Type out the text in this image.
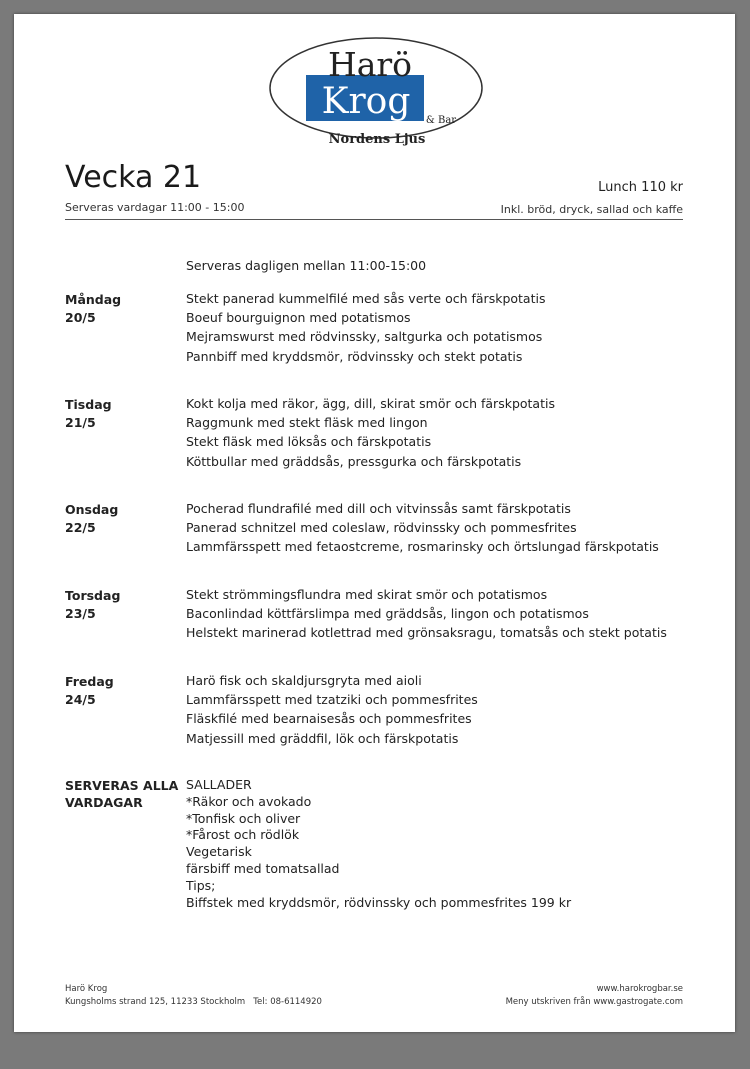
Harö
Krog & Bar
Nordens Ljus
Vecka 21
Serveras vardagar 11:00 - 15:00
Lunch 110 kr
Inkl. bröd, dryck, sallad och kaffe
Serveras dagligen mellan 11:00-15:00
Måndag
20/5
Stekt panerad kummelfilé med sås verte och färskpotatis
Boeuf bourguignon med potatismos
Mejramswurst med rödvinssky, saltgurka och potatismos
Pannbiff med kryddsmör, rödvinssky och stekt potatis
Tisdag
21/5
Kokt kolja med räkor, ägg, dill, skirat smör och färskpotatis
Raggmunk med stekt fläsk med lingon
Stekt fläsk med löksås och färskpotatis
Köttbullar med gräddsås, pressgurka och färskpotatis
Onsdag
22/5
Pocherad flundrafilé med dill och vitvinssås samt färskpotatis
Panerad schnitzel med coleslaw, rödvinssky och pommesfrites
Lammfärsspett med fetaostcreme, rosmarinsky och örtslungad färskpotatis
Torsdag
23/5
Stekt strömmingsflundra med skirat smör och potatismos
Baconlindad köttfärslimpa med gräddsås, lingon och potatismos
Helstekt marinerad kotlettrad med grönsaksragu, tomatsås och stekt potatis
Fredag
24/5
Harö fisk och skaldjursgryta med aioli
Lammfärsspett med tzatziki och pommesfrites
Fläskfilé med bearnaisesås och pommesfrites
Matjessill med gräddfil, lök och färskpotatis
SERVERAS ALLA
VARDAGAR
SALLADER
*Räkor och avokado
*Tonfisk och oliver
*Fårost och rödlök
Vegetarisk
färsbiff med tomatsallad
Tips;
Biffstek med kryddsmör, rödvinssky och pommesfrites 199 kr
Harö Krog
Kungsholms strand 125, 11233 Stockholm Tel: 08-6114920
www.harokrogbar.se
Meny utskriven från www.gastrogate.com
